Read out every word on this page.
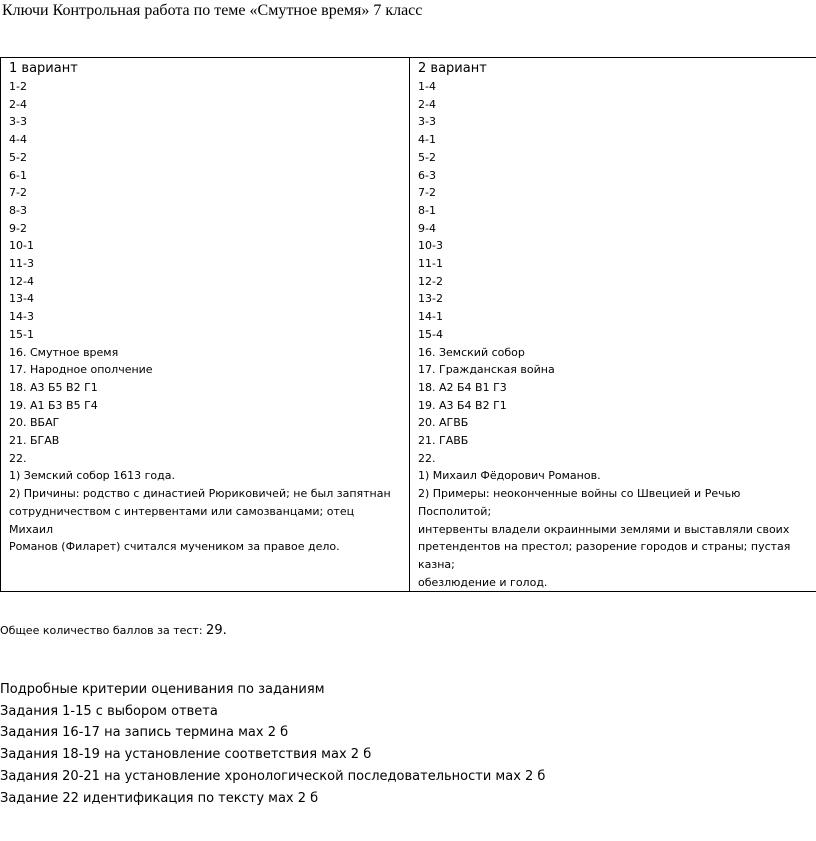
Ключи Контрольная работа по теме «Смутное время» 7 класс
1 вариант
1-2
2-4
3-3
4-4
5-2
6-1
7-2
8-3
9-2
10-1
11-3
12-4
13-4
14-3
15-1
16. Смутное время
17. Народное ополчение
18. А3 Б5 В2 Г1
19. А1 Б3 В5 Г4
20. ВБАГ
21. БГАВ
22.
1) Земский собор 1613 года.
2) Причины: родство с династией Рюриковичей; не был запятнан
сотрудничеством с интервентами или самозванцами; отец Михаил
Романов (Филарет) считался мучеником за правое дело.

2 вариант
1-4
2-4
3-3
4-1
5-2
6-3
7-2
8-1
9-4
10-3
11-1
12-2
13-2
14-1
15-4
16. Земский собор
17. Гражданская война
18. А2 Б4 В1 Г3
19. А3 Б4 В2 Г1
20. АГВБ
21. ГАВБ
22.
1) Михаил Фёдорович Романов.
2) Примеры: неоконченные войны со Швецией и Речью Посполитой;
интервенты владели окраинными землями и выставляли своих
претендентов на престол; разорение городов и страны; пустая казна;
обезлюдение и голод.
Общее количество баллов за тест: 29.
Подробные критерии оценивания по заданиям
Задания 1-15 с выбором ответа
Задания 16-17 на запись термина мах 2 б
Задания 18-19 на установление соответствия мах 2 б
Задания 20-21 на установление хронологической последовательности мах 2 б
Задание 22 идентификация по тексту мах 2 б
